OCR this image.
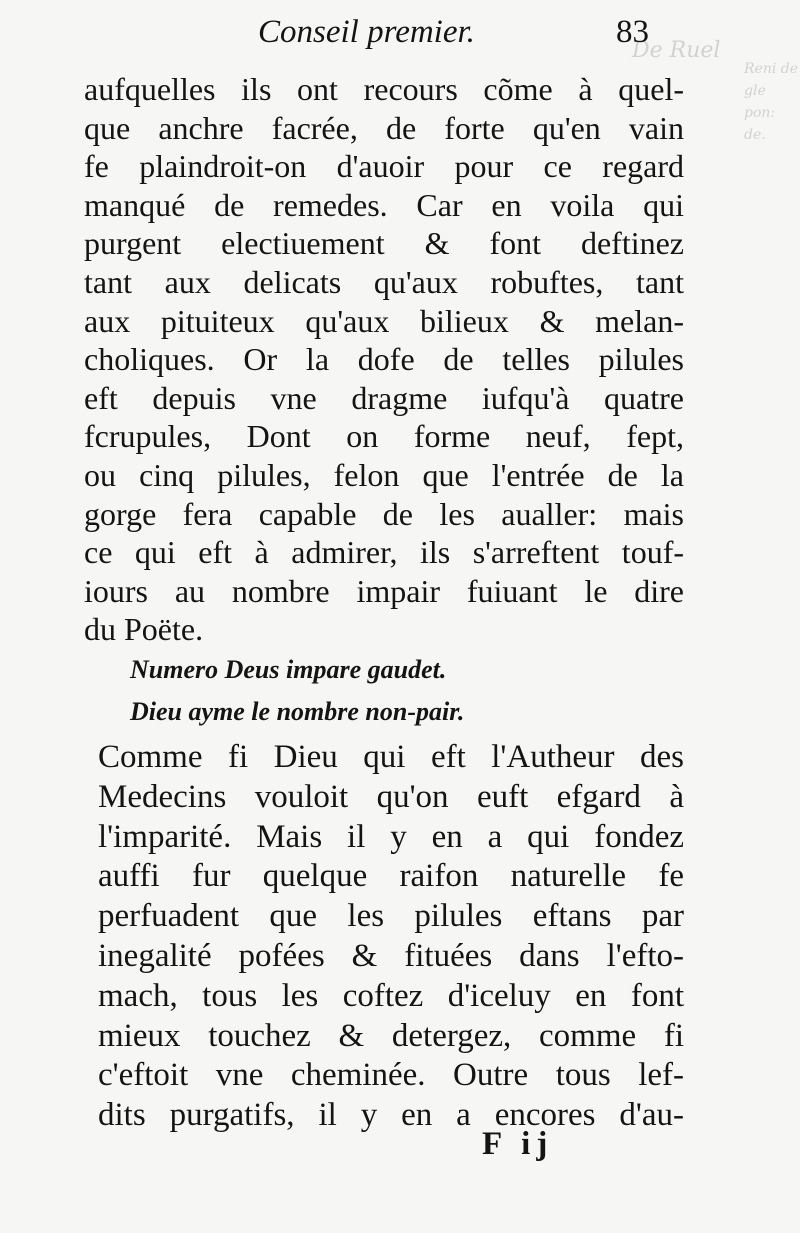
De Ruel
Reni de
gle
pon:
de.
Conseil premier.	83
aufquelles ils ont recours cõme à quel-
que anchre facrée, de forte qu'en vain
fe plaindroit-on d'auoir pour ce regard
manqué de remedes. Car en voila qui
purgent electiuement & font deftinez
tant aux delicats qu'aux robuftes, tant
aux pituiteux qu'aux bilieux & melan-
choliques. Or la dofe de telles pilules
eft depuis vne dragme iufqu'à quatre
fcrupules, Dont on forme neuf, fept,
ou cinq pilules, felon que l'entrée de la
gorge fera capable de les aualler: mais
ce qui eft à admirer, ils s'arreftent touf-
iours au nombre impair fuiuant le dire
du Poëte.
Numero Deus impare gaudet.
Dieu ayme le nombre non-pair.
Comme fi Dieu qui eft l'Autheur des
Medecins vouloit qu'on euft efgard à
l'imparité. Mais il y en a qui fondez
auffi fur quelque raifon naturelle fe
perfuadent que les pilules eftans par
inegalité pofées & fituées dans l'efto-
mach, tous les coftez d'iceluy en font
mieux touchez & detergez, comme fi
c'eftoit vne cheminée. Outre tous lef-
dits purgatifs, il y en a encores d'au-
F ij
